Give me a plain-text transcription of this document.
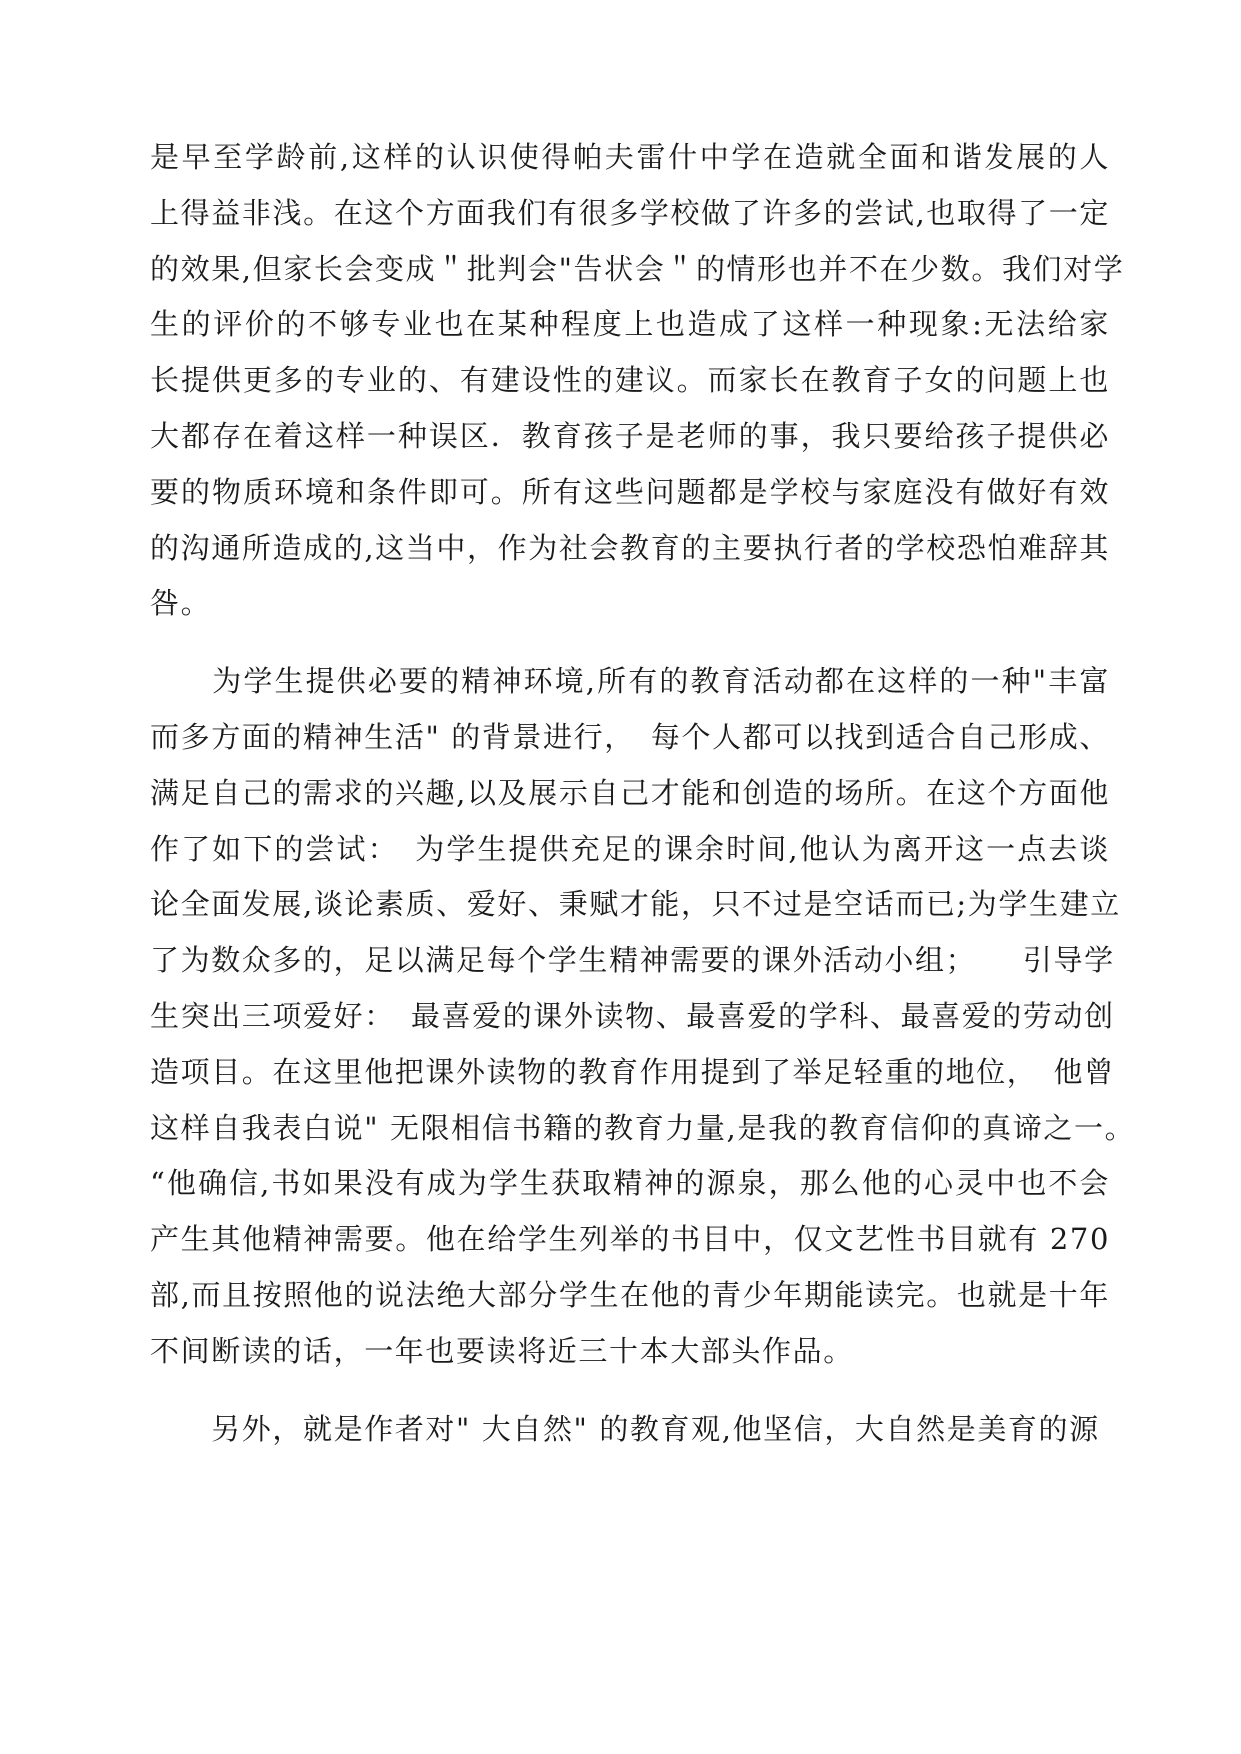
是早至学龄前,这样的认识使得帕夫雷什中学在造就全面和谐发展的人
上得益非浅。在这个方面我们有很多学校做了许多的尝试,也取得了一定
的效果,但家长会变成＂批判会"告状会＂的情形也并不在少数。我们对学
生的评价的不够专业也在某种程度上也造成了这样一种现象:无法给家
长提供更多的专业的、有建设性的建议。而家长在教育子女的问题上也
大都存在着这样一种误区．教育孩子是老师的事，我只要给孩子提供必
要的物质环境和条件即可。所有这些问题都是学校与家庭没有做好有效
的沟通所造成的,这当中，作为社会教育的主要执行者的学校恐怕难辞其
咎。
　　为学生提供必要的精神环境,所有的教育活动都在这样的一种"丰富
而多方面的精神生活" 的背景进行，　每个人都可以找到适合自己形成、
满足自己的需求的兴趣,以及展示自己才能和创造的场所。在这个方面他
作了如下的尝试：　为学生提供充足的课余时间,他认为离开这一点去谈
论全面发展,谈论素质、爱好、秉赋才能，只不过是空话而已;为学生建立
了为数众多的，足以满足每个学生精神需要的课外活动小组；　　引导学
生突出三项爱好：　最喜爱的课外读物、最喜爱的学科、最喜爱的劳动创
造项目。在这里他把课外读物的教育作用提到了举足轻重的地位，　他曾
这样自我表白说" 无限相信书籍的教育力量,是我的教育信仰的真谛之一。
“他确信,书如果没有成为学生获取精神的源泉，那么他的心灵中也不会
产生其他精神需要。他在给学生列举的书目中，仅文艺性书目就有 270
部,而且按照他的说法绝大部分学生在他的青少年期能读完。也就是十年
不间断读的话，一年也要读将近三十本大部头作品。
　　另外，就是作者对" 大自然" 的教育观,他坚信，大自然是美育的源
